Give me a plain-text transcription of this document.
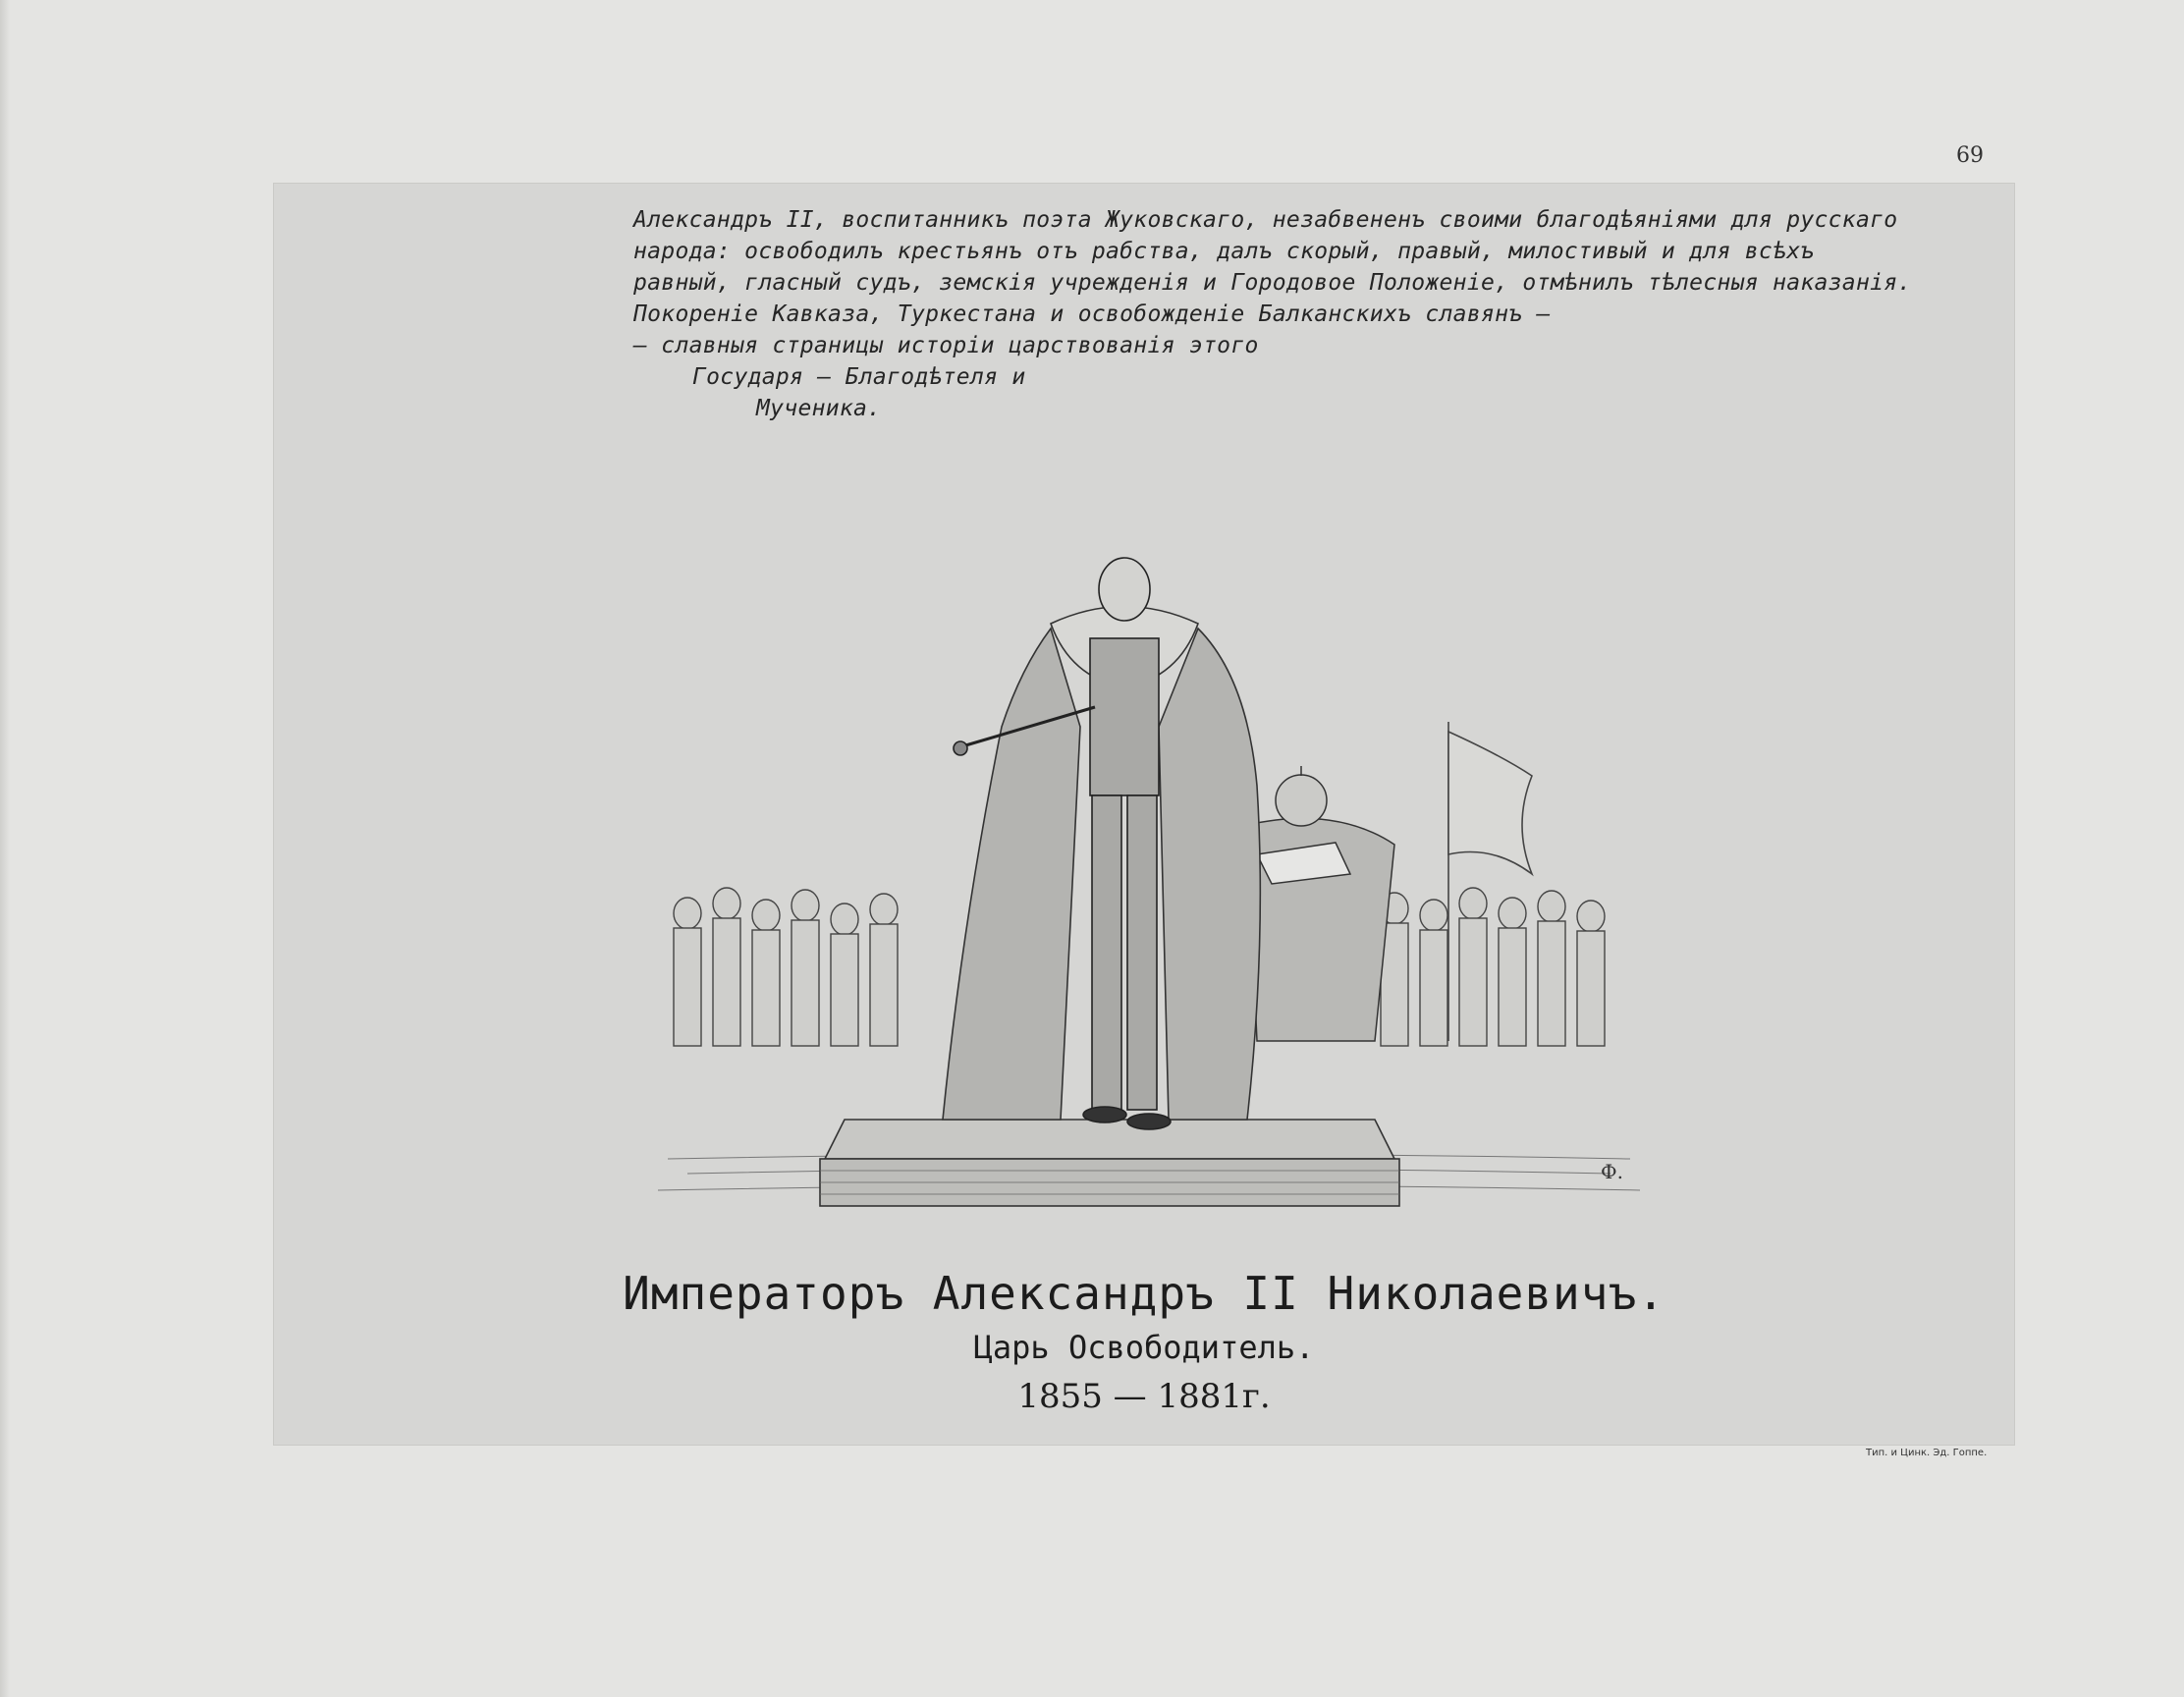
69
Александръ II, воспитанникъ поэта Жуковскаго, незабвененъ своими благодѣяніями для русскаго
народа: освободилъ крестьянъ отъ рабства, далъ скорый, правый, милостивый и для всѣхъ
равный, гласный судъ, земскія учрежденія и Городовое Положеніе, отмѣнилъ тѣлесныя наказанія.
Покореніе Кавказа, Туркестана и освобожденіе Балканскихъ славянъ —
— славныя страницы исторіи царствованія этого
Государя — Благодѣтеля и
Мученика.
Ф.
Императоръ Александръ II Николаевичъ.
Царь Освободитель.
1855 — 1881г.
Тип. и Цинк. Эд. Гоппе.
